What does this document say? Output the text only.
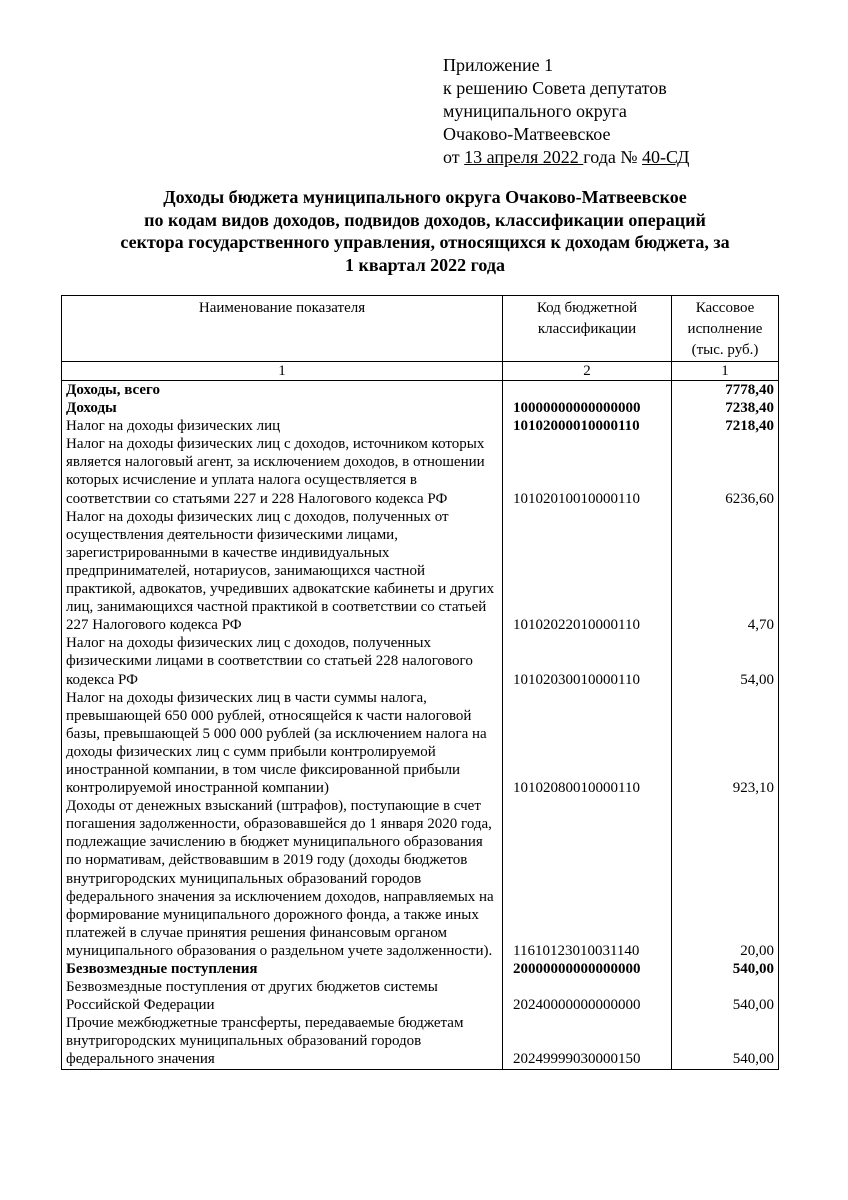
Приложение 1
к решению Совета депутатов
муниципального округа
Очаково-Матвеевское
от 13 апреля 2022 года № 40-СД
Доходы бюджета муниципального округа Очаково-Матвеевское
по кодам видов доходов, подвидов доходов, классификации операций
сектора государственного управления, относящихся к доходам бюджета, за
1 квартал 2022 года
Наименование показателя	Код бюджетной классификации	Кассовое исполнение (тыс. руб.)
1	2	1
Доходы, всего		7778,40
Доходы	10000000000000000	7238,40
Налог на доходы физических лиц	10102000010000110	7218,40
Налог на доходы физических лиц с доходов, источником которых является налоговый агент, за исключением доходов, в отношении которых исчисление и уплата налога осуществляется в соответствии со статьями 227 и 228 Налогового кодекса РФ	10102010010000110	6236,60
Налог на доходы физических лиц с доходов, полученных от осуществления деятельности физическими лицами, зарегистрированными в качестве индивидуальных предпринимателей, нотариусов, занимающихся частной практикой, адвокатов, учредивших адвокатские кабинеты и других лиц, занимающихся частной практикой в соответствии со статьей 227 Налогового кодекса РФ	10102022010000110	4,70
Налог на доходы физических лиц с доходов, полученных физическими лицами в соответствии со статьей 228 налогового кодекса РФ	10102030010000110	54,00
Налог на доходы физических лиц в части суммы налога, превышающей 650 000 рублей, относящейся к части налоговой базы, превышающей 5 000 000 рублей (за исключением налога на доходы физических лиц с сумм прибыли контролируемой иностранной компании, в том числе фиксированной прибыли контролируемой иностранной компании)	10102080010000110	923,10
Доходы от денежных взысканий (штрафов), поступающие в счет погашения задолженности, образовавшейся до 1 января 2020 года, подлежащие зачислению в бюджет муниципального образования по нормативам, действовавшим в 2019 году (доходы бюджетов внутригородских муниципальных образований городов федерального значения за исключением доходов, направляемых на формирование муниципального дорожного фонда, а также иных платежей в случае принятия решения финансовым органом муниципального образования о раздельном учете задолженности).	11610123010031140	20,00
Безвозмездные поступления	20000000000000000	540,00
Безвозмездные поступления от других бюджетов системы Российской Федерации	20240000000000000	540,00
Прочие межбюджетные трансферты, передаваемые бюджетам внутригородских муниципальных образований городов федерального значения	20249999030000150	540,00
